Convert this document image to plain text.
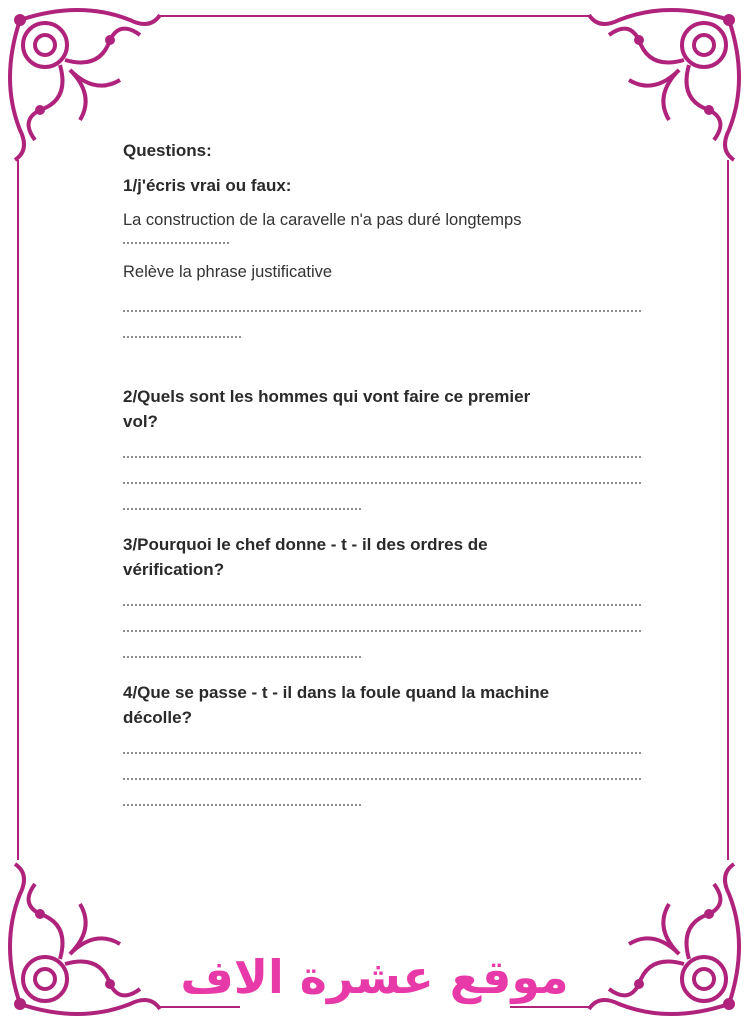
Questions:

1/j'écris vrai ou faux:

La construction de la caravelle n'a pas duré longtemps

Relève la phrase justificative

2/Quels sont les hommes qui vont faire ce premier

vol?

3/Pourquoi le chef donne - t - il des ordres de

vérification?

4/Que se passe - t - il dans la foule quand la machine

décolle?

موقع عشرة الاف
